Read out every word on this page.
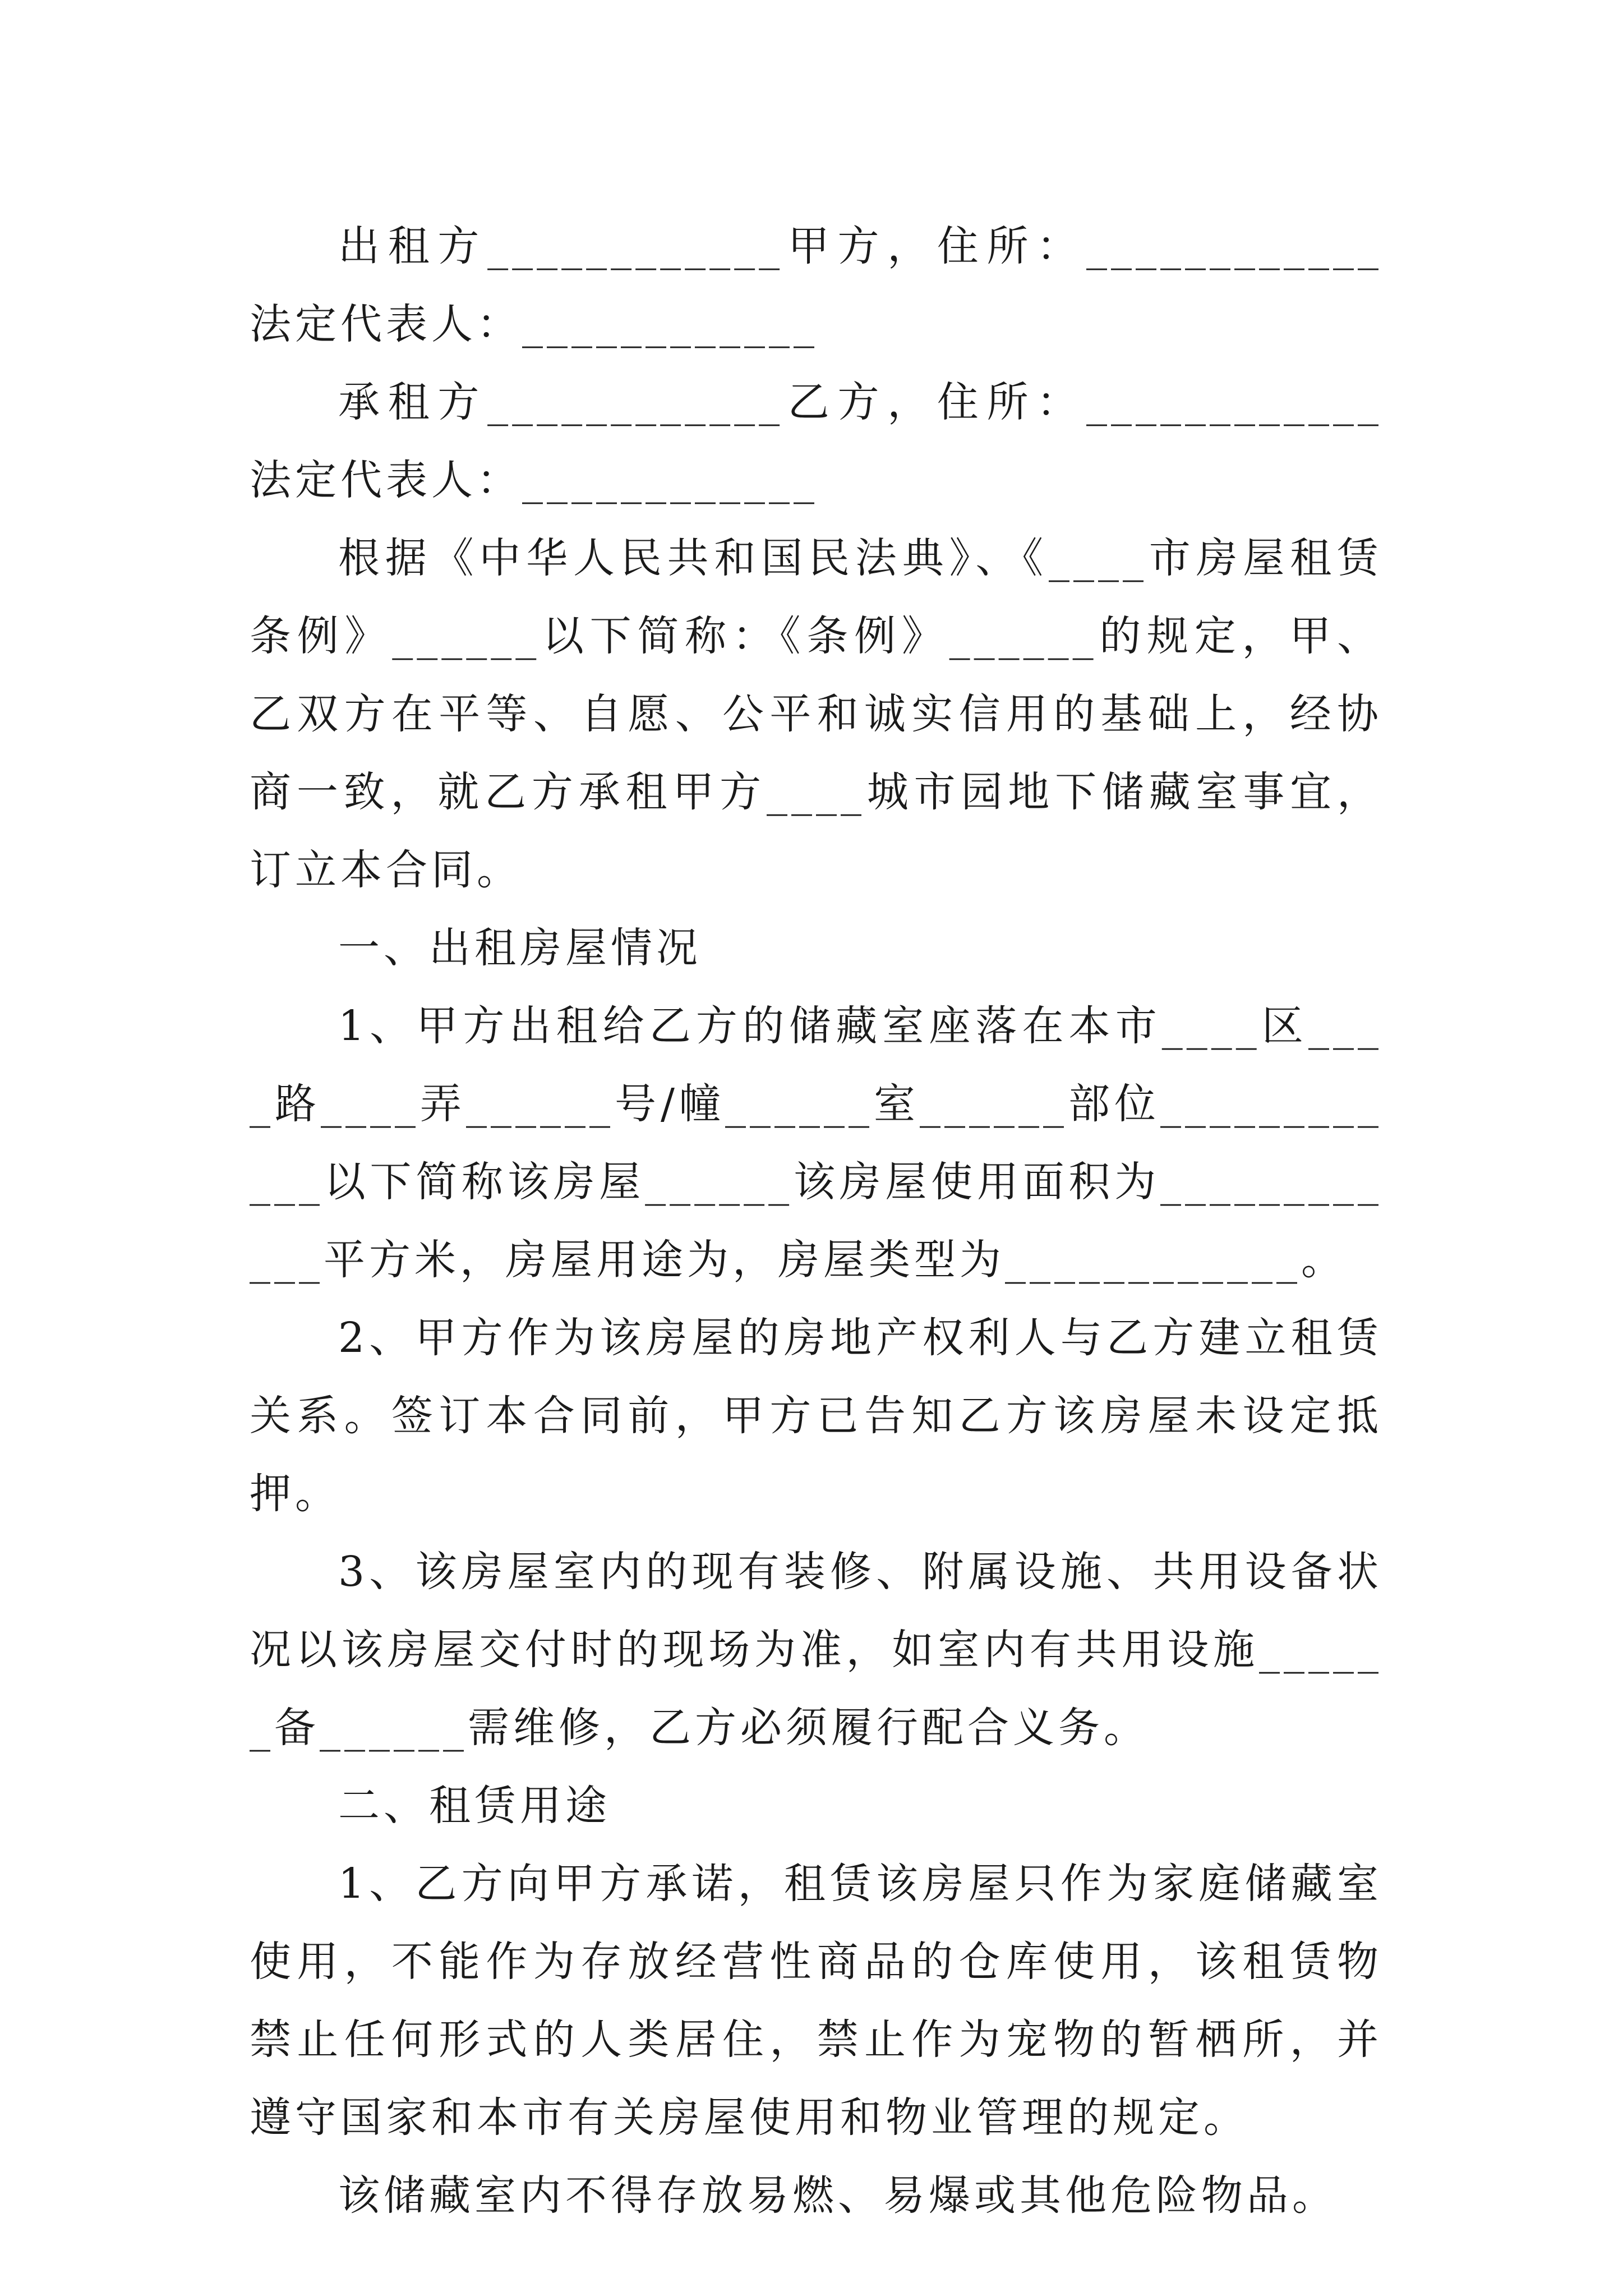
出租方____________甲方，住所：____________法定代表人：____________

承租方____________乙方，住所：____________法定代表人：____________

根据《中华人民共和国民法典》、《____市房屋租赁条例》______以下简称：《条例》______的规定，甲、乙双方在平等、自愿、公平和诚实信用的基础上，经协商一致，就乙方承租甲方____城市园地下储藏室事宜，订立本合同。

一、出租房屋情况

1、甲方出租给乙方的储藏室座落在本市____区____路____弄______号/幢______室______部位____________以下简称该房屋______该房屋使用面积为____________平方米，房屋用途为，房屋类型为____________。

2、甲方作为该房屋的房地产权利人与乙方建立租赁关系。签订本合同前，甲方已告知乙方该房屋未设定抵押。

3、该房屋室内的现有装修、附属设施、共用设备状况以该房屋交付时的现场为准，如室内有共用设施______备______需维修，乙方必须履行配合义务。

二、租赁用途

1、乙方向甲方承诺，租赁该房屋只作为家庭储藏室使用，不能作为存放经营性商品的仓库使用，该租赁物禁止任何形式的人类居住，禁止作为宠物的暂栖所，并遵守国家和本市有关房屋使用和物业管理的规定。

该储藏室内不得存放易燃、易爆或其他危险物品。
